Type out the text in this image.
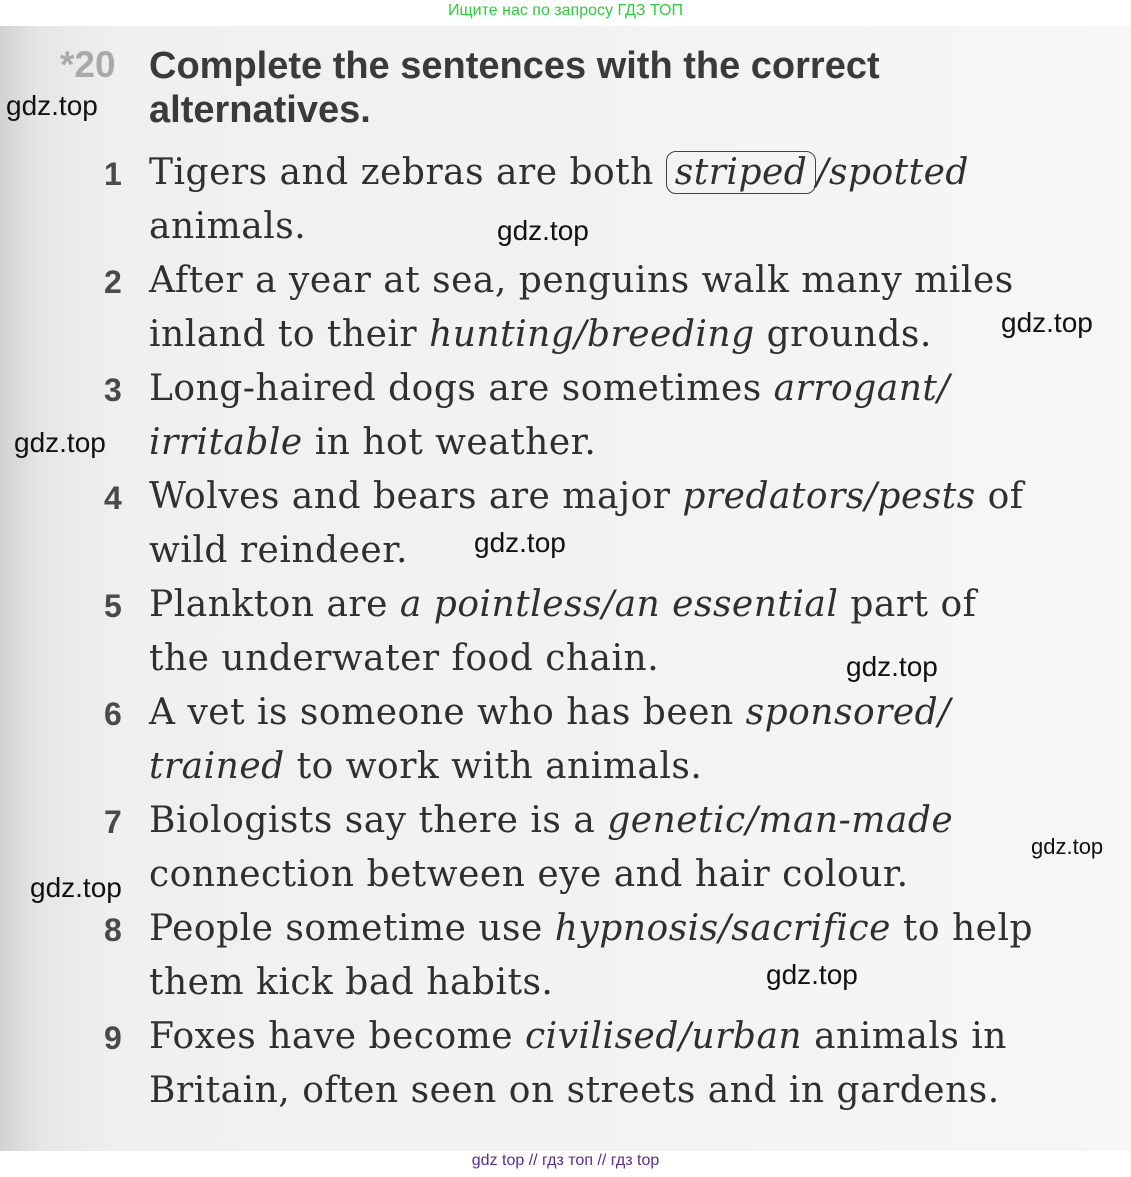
Ищите нас по запросу ГДЗ ТОП
*20 Complete the sentences with the correct alternatives.
1 Tigers and zebras are both striped /spotted
animals.
2 After a year at sea, penguins walk many miles
inland to their hunting/breeding grounds.
3 Long-haired dogs are sometimes arrogant/
irritable in hot weather.
4 Wolves and bears are major predators/pests of
wild reindeer.
5 Plankton are a pointless/an essential part of
the underwater food chain.
6 A vet is someone who has been sponsored/
trained to work with animals.
7 Biologists say there is a genetic/man-made
connection between eye and hair colour.
8 People sometime use hypnosis/sacrifice to help
them kick bad habits.
9 Foxes have become civilised/urban animals in
Britain, often seen on streets and in gardens.
gdz.top
gdz.top
gdz.top
gdz.top
gdz.top
gdz.top
gdz.top
gdz.top
gdz.top
gdz top // гдз топ // гдз top
